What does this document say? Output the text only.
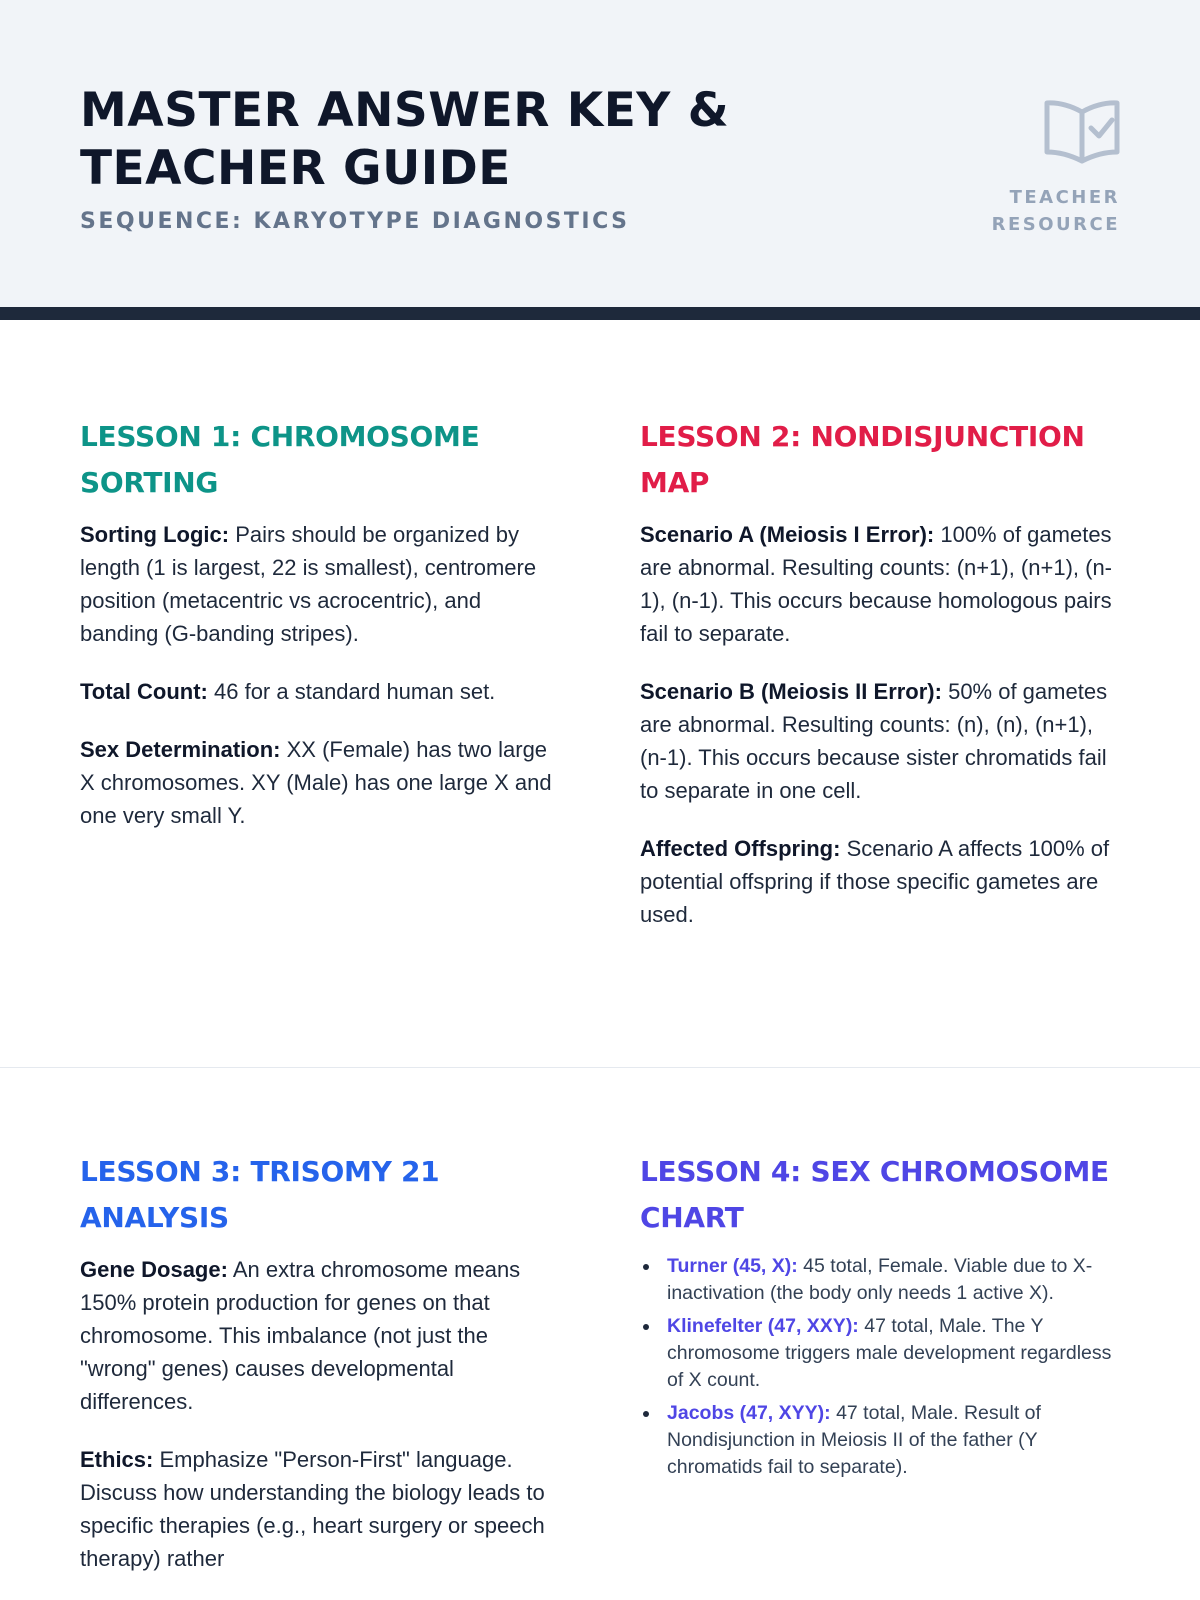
MASTER ANSWER KEY & TEACHER GUIDE
SEQUENCE: KARYOTYPE DIAGNOSTICS
TEACHER
RESOURCE
LESSON 1: CHROMOSOME SORTING

Sorting Logic: Pairs should be organized by length (1 is largest, 22 is smallest), centromere position (metacentric vs acrocentric), and banding (G-banding stripes).

Total Count: 46 for a standard human set.

Sex Determination: XX (Female) has two large X chromosomes. XY (Male) has one large X and one very small Y.

LESSON 2: NONDISJUNCTION MAP

Scenario A (Meiosis I Error): 100% of gametes are abnormal. Resulting counts: (n+1), (n+1), (n-1), (n-1). This occurs because homologous pairs fail to separate.

Scenario B (Meiosis II Error): 50% of gametes are abnormal. Resulting counts: (n), (n), (n+1), (n-1). This occurs because sister chromatids fail to separate in one cell.

Affected Offspring: Scenario A affects 100% of potential offspring if those specific gametes are used.

LESSON 3: TRISOMY 21 ANALYSIS

Gene Dosage: An extra chromosome means 150% protein production for genes on that chromosome. This imbalance (not just the "wrong" genes) causes developmental differences.

Ethics: Emphasize "Person-First" language. Discuss how understanding the biology leads to specific therapies (e.g., heart surgery or speech therapy) rather

LESSON 4: SEX CHROMOSOME CHART
Turner (45, X): 45 total, Female. Viable due to X-inactivation (the body only needs 1 active X).
Klinefelter (47, XXY): 47 total, Male. The Y chromosome triggers male development regardless of X count.
Jacobs (47, XYY): 47 total, Male. Result of Nondisjunction in Meiosis II of the father (Y chromatids fail to separate).
